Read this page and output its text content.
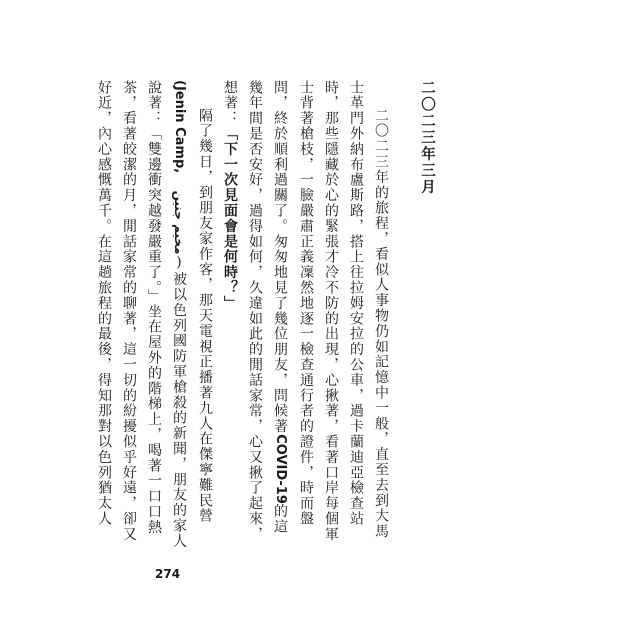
二〇二三年三月

二〇二三年的旅程，看似人事物仍如記憶中一般，直至去到大馬士革門外納布盧斯路，搭上往拉姆安拉的公車，過卡蘭迪亞檢查站時，那些隱藏於心的緊張才冷不防的出現，心揪著，看著口岸每個軍士背著槍枝，一臉嚴肅正義凜然地逐一檢查通行者的證件，時而盤問，終於順利過關了。匆匆地見了幾位朋友，問候著COVID-19的這幾年間是否安好，過得如何，久違如此的閒話家常，心又揪了起來，想著：「下一次見面會是何時？」

隔了幾日，到朋友家作客，那天電視正播著九人在傑寧難民營(Jenin Camp, مخيم جنين)被以色列國防軍槍殺的新聞，朋友的家人說著：「雙邊衝突越發嚴重了。」坐在屋外的階梯上，喝著一口口熱茶，看著皎潔的月，閒話家常的聊著，這一切的紛擾似乎好遠，卻又好近，內心感慨萬千。在這趟旅程的最後，得知那對以色列猶太人

274
